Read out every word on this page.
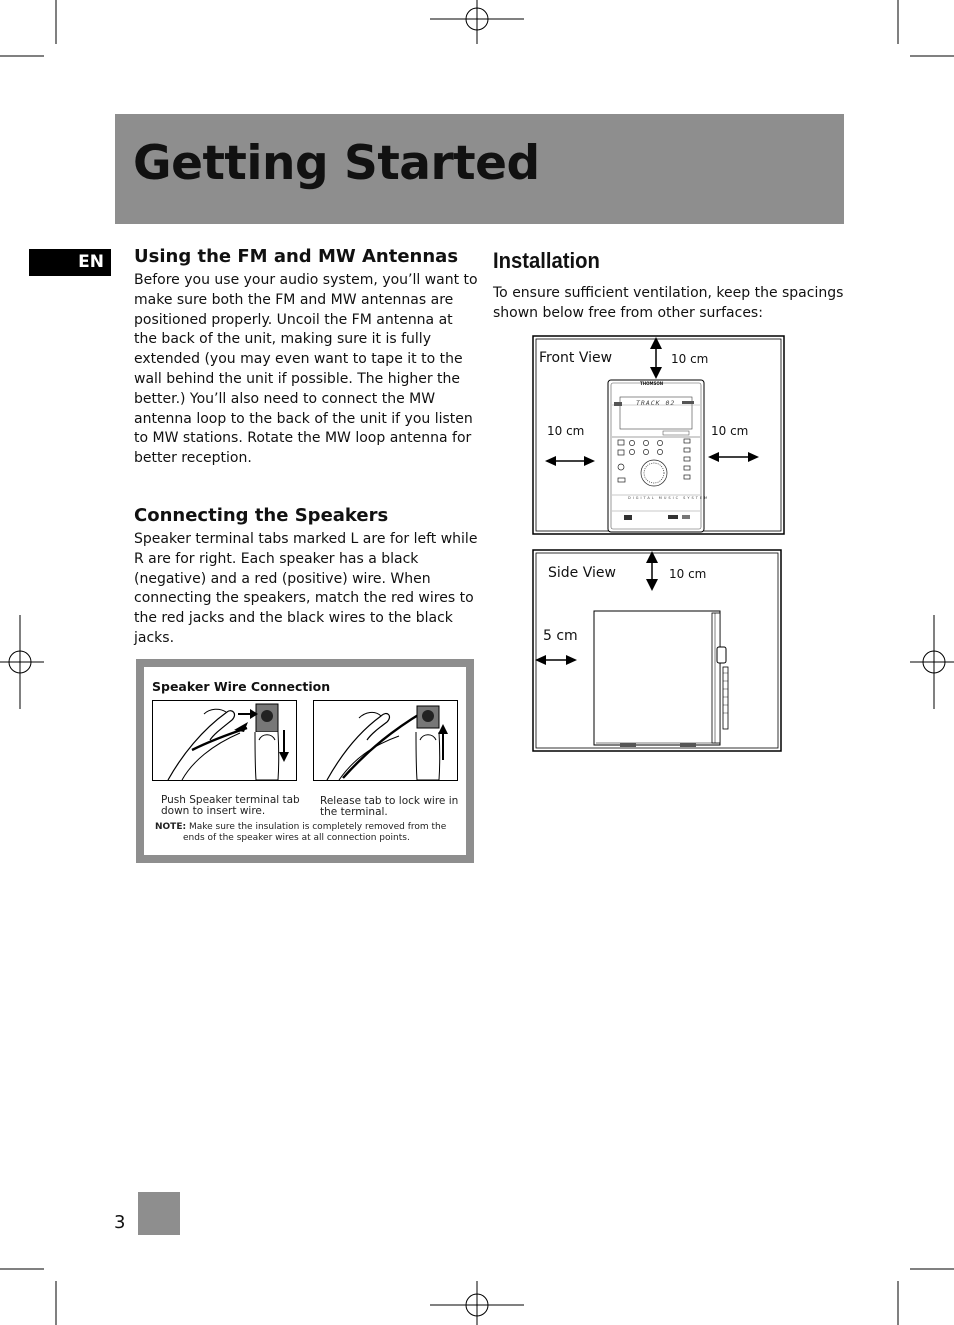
Getting Started
EN	Using the FM and MW Antennas
Before you use your audio system, you’ll want to
make sure both the FM and MW antennas are
positioned properly. Uncoil the FM antenna at
the back of the unit, making sure it is fully
extended (you may even want to tape it to the
wall behind the unit if possible. The higher the
better.) You’ll also need to connect the MW
antenna loop to the back of the unit if you listen
to MW stations. Rotate the MW loop antenna for
better reception.
Connecting the Speakers
Speaker terminal tabs marked L are for left while
R are for right. Each speaker has a black
(negative) and a red (positive) wire. When
connecting the speakers, match the red wires to
the red jacks and the black wires to the black
jacks.

Speaker Wire Connection

Push Speaker terminal tab
down to insert wire.
Release tab to lock wire in
the terminal.
NOTE: Make sure the insulation is completely removed from the
ends of the speaker wires at all connection points.
Installation
To ensure sufficient ventilation, keep the spacings
shown below free from other surfaces:

Front View	10 cm

10 cm	10 cm

THOMSON

TRACK 02

DIGITAL MUSIC SYSTEM

Side View	10 cm

5 cm

3
